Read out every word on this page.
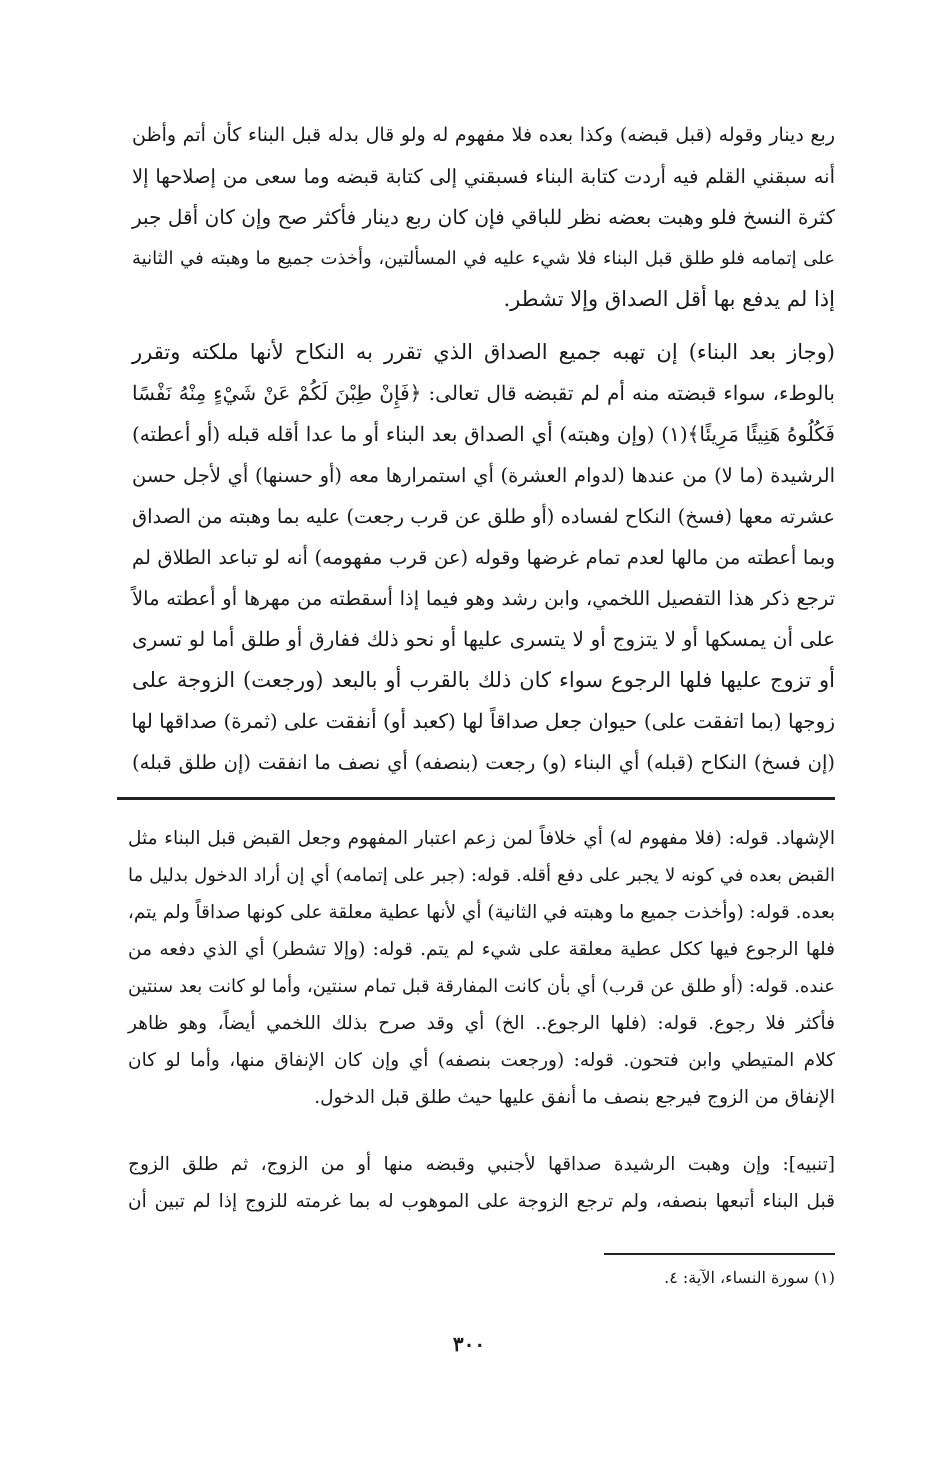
ربع دينار وقوله (قبل قبضه) وكذا بعده فلا مفهوم له ولو قال بدله قبل البناء كأن أتم وأظن
أنه سبقني القلم فيه أردت كتابة البناء فسبقني إلى كتابة قبضه وما سعى من إصلاحها إلا
كثرة النسخ فلو وهبت بعضه نظر للباقي فإن كان ربع دينار فأكثر صح وإن كان أقل جبر
على إتمامه فلو طلق قبل البناء فلا شيء عليه في المسألتين، وأخذت جميع ما وهبته في الثانية
إذا لم يدفع بها أقل الصداق وإلا تشطر.
(وجاز بعد البناء) إن تهبه جميع الصداق الذي تقرر به النكاح لأنها ملكته وتقرر
بالوطء، سواء قبضته منه أم لم تقبضه قال تعالى: ﴿فَإِنْ طِبْنَ لَكُمْ عَنْ شَيْءٍ مِنْهُ نَفْسًا
فَكُلُوهُ هَنِيئًا مَرِيئًا﴾(١) (وإن وهبته) أي الصداق بعد البناء أو ما عدا أقله قبله (أو أعطته)
الرشيدة (ما لا) من عندها (لدوام العشرة) أي استمرارها معه (أو حسنها) أي لأجل حسن
عشرته معها (فسخ) النكاح لفساده (أو طلق عن قرب رجعت) عليه بما وهبته من الصداق
وبما أعطته من مالها لعدم تمام غرضها وقوله (عن قرب مفهومه) أنه لو تباعد الطلاق لم
ترجع ذكر هذا التفصيل اللخمي، وابن رشد وهو فيما إذا أسقطته من مهرها أو أعطته مالاً
على أن يمسكها أو لا يتزوج أو لا يتسرى عليها أو نحو ذلك ففارق أو طلق أما لو تسرى
أو تزوج عليها فلها الرجوع سواء كان ذلك بالقرب أو بالبعد (ورجعت) الزوجة على
زوجها (بما اتفقت على) حيوان جعل صداقاً لها (كعبد أو) أنفقت على (ثمرة) صداقها لها
(إن فسخ) النكاح (قبله) أي البناء (و) رجعت (بنصفه) أي نصف ما انفقت (إن طلق قبله)
الإشهاد. قوله: (فلا مفهوم له) أي خلافاً لمن زعم اعتبار المفهوم وجعل القبض قبل البناء مثل
القبض بعده في كونه لا يجبر على دفع أقله. قوله: (جبر على إتمامه) أي إن أراد الدخول بدليل ما
بعده. قوله: (وأخذت جميع ما وهبته في الثانية) أي لأنها عطية معلقة على كونها صداقاً ولم يتم،
فلها الرجوع فيها ككل عطية معلقة على شيء لم يتم. قوله: (وإلا تشطر) أي الذي دفعه من
عنده. قوله: (أو طلق عن قرب) أي بأن كانت المفارقة قبل تمام سنتين، وأما لو كانت بعد سنتين
فأكثر فلا رجوع. قوله: (فلها الرجوع.. الخ) أي وقد صرح بذلك اللخمي أيضاً، وهو ظاهر
كلام المتيطي وابن فتحون. قوله: (ورجعت بنصفه) أي وإن كان الإنفاق منها، وأما لو كان
الإنفاق من الزوج فيرجع بنصف ما أنفق عليها حيث طلق قبل الدخول.
[تنبيه]: وإن وهبت الرشيدة صداقها لأجنبي وقبضه منها أو من الزوج، ثم طلق الزوج
قبل البناء أتبعها بنصفه، ولم ترجع الزوجة على الموهوب له بما غرمته للزوج إذا لم تبين أن
(١) سورة النساء، الآية: ٤.
٣٠٠
